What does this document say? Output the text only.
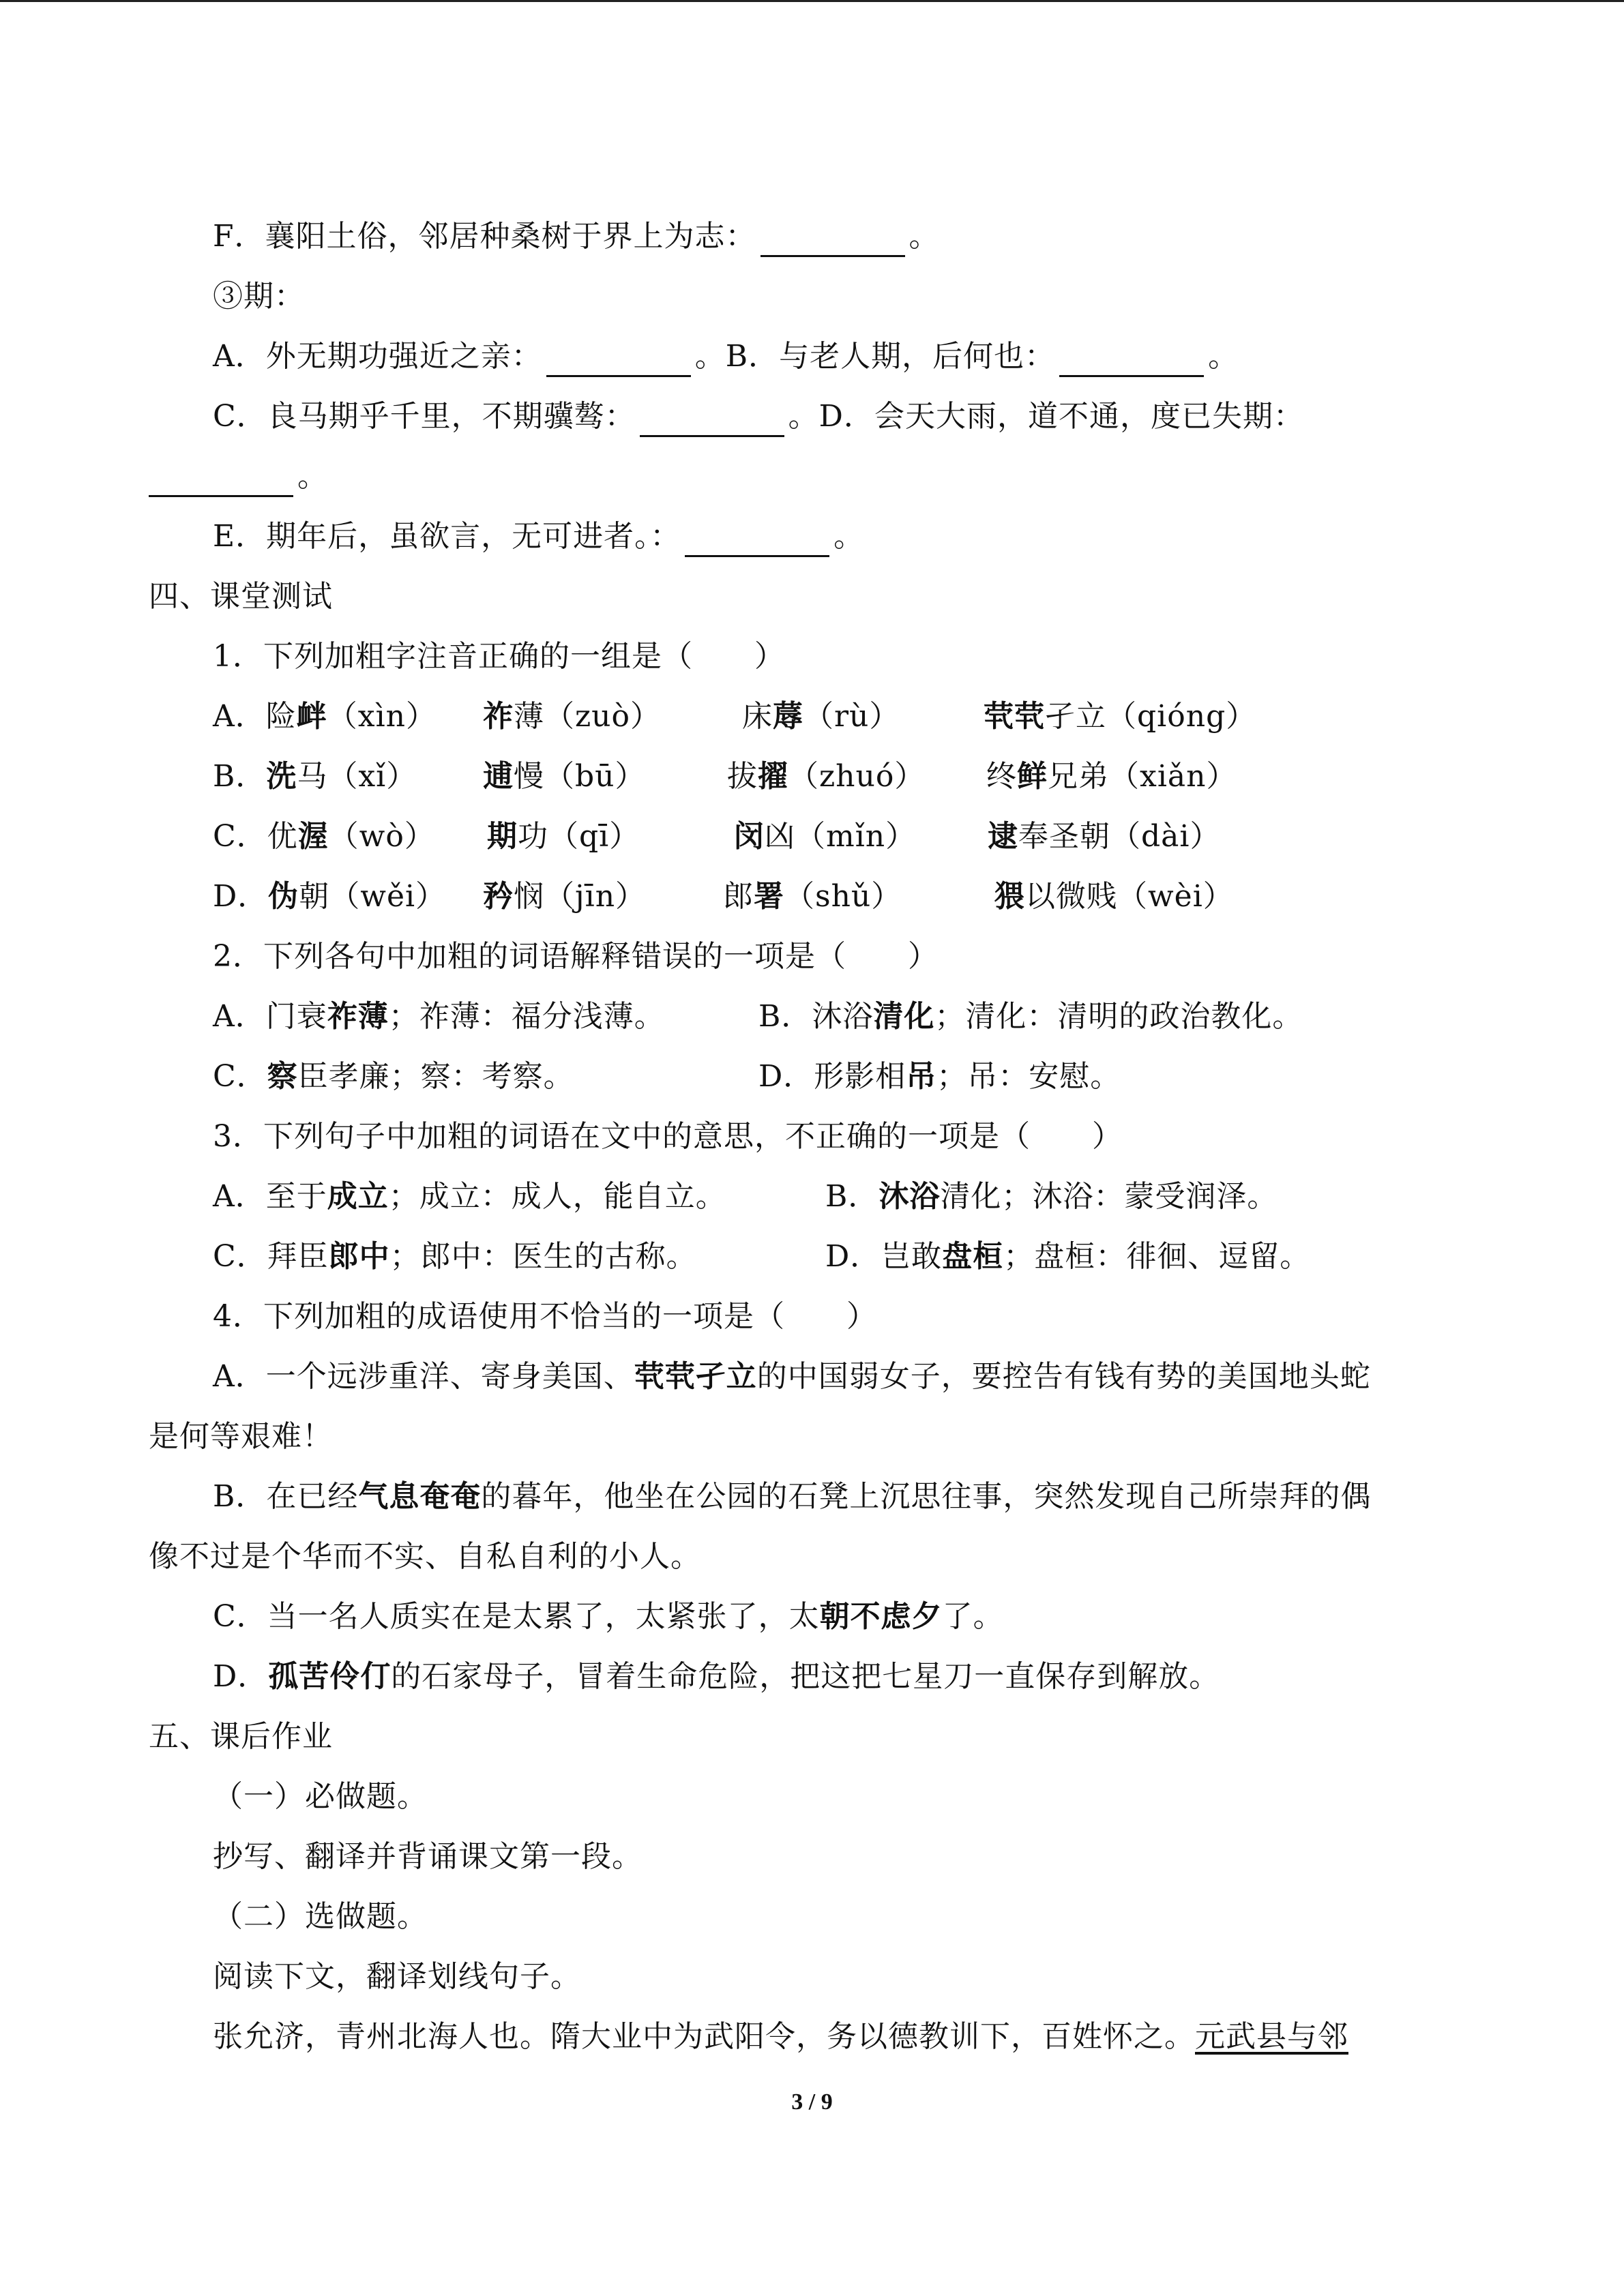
F．襄阳土俗，邻居种桑树于界上为志：	。
③期：
A．外无期功强近之亲：	。B．与老人期，后何也：	。
C．良马期乎千里，不期骥骜：	。D．会天大雨，道不通，度已失期：
。
E．期年后，虽欲言，无可进者。：	。
四、课堂测试
1．下列加粗字注音正确的一组是（　　）
A．险衅（xìn） 祚薄（zuò）	床蓐（rù）	茕茕孑立（qióng）
B．洗马（xǐ） 逋慢（bū）	拔擢（zhuó） 终鲜兄弟（xiǎn）
C．优渥（wò） 期功（qī）	闵凶（mǐn） 逮奉圣朝（dài）
D．伪朝（wěi） 矜悯（jīn）	郎署（shǔ）	猥以微贱（wèi）
2．下列各句中加粗的词语解释错误的一项是（　　）
A．门衰祚薄；祚薄：福分浅薄。	B．沐浴清化；清化：清明的政治教化。
C．察臣孝廉；察：考察。	D．形影相吊；吊：安慰。
3．下列句子中加粗的词语在文中的意思，不正确的一项是（　　）
A．至于成立；成立：成人，能自立。	B．沐浴清化；沐浴：蒙受润泽。
C．拜臣郎中；郎中：医生的古称。	D．岂敢盘桓；盘桓：徘徊、逗留。
4．下列加粗的成语使用不恰当的一项是（　　）
A．一个远涉重洋、寄身美国、茕茕孑立的中国弱女子，要控告有钱有势的美国地头蛇
是何等艰难！
B．在已经气息奄奄的暮年，他坐在公园的石凳上沉思往事，突然发现自己所崇拜的偶
像不过是个华而不实、自私自利的小人。
C．当一名人质实在是太累了，太紧张了，太朝不虑夕了。
D．孤苦伶仃的石家母子，冒着生命危险，把这把七星刀一直保存到解放。
五、课后作业
（一）必做题。
抄写、翻译并背诵课文第一段。
（二）选做题。
阅读下文，翻译划线句子。
张允济，青州北海人也。隋大业中为武阳令，务以德教训下，百姓怀之。元武县与邻
3 / 9
